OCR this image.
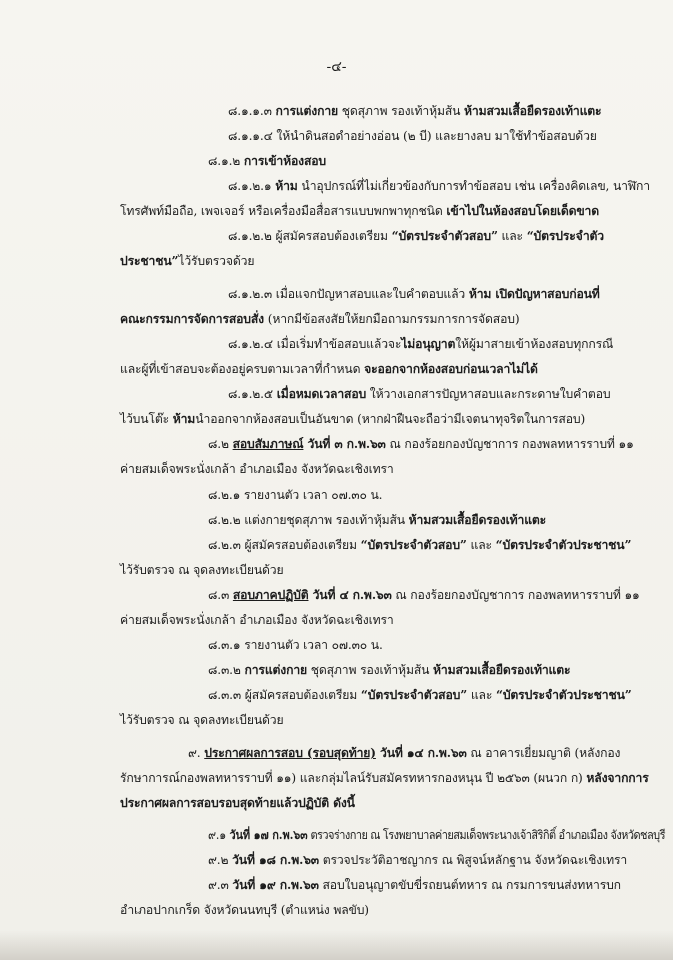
-๔-
๘.๑.๑.๓ การแต่งกาย ชุดสุภาพ รองเท้าหุ้มส้น ห้ามสวมเสื้อยืดรองเท้าแตะ
๘.๑.๑.๔ ให้นำดินสอดำอย่างอ่อน (๒ บี) และยางลบ มาใช้ทำข้อสอบด้วย
๘.๑.๒ การเข้าห้องสอบ
๘.๑.๒.๑ ห้าม นำอุปกรณ์ที่ไม่เกี่ยวข้องกับการทำข้อสอบ เช่น เครื่องคิดเลข, นาฬิกา
โทรศัพท์มือถือ, เพจเจอร์ หรือเครื่องมือสื่อสารแบบพกพาทุกชนิด เข้าไปในห้องสอบโดยเด็ดขาด
๘.๑.๒.๒ ผู้สมัครสอบต้องเตรียม “บัตรประจำตัวสอบ” และ “บัตรประจำตัว
ประชาชน”ไว้รับตรวจด้วย
๘.๑.๒.๓ เมื่อแจกปัญหาสอบและใบคำตอบแล้ว ห้าม เปิดปัญหาสอบก่อนที่
คณะกรรมการจัดการสอบสั่ง (หากมีข้อสงสัยให้ยกมือถามกรรมการการจัดสอบ)
๘.๑.๒.๔ เมื่อเริ่มทำข้อสอบแล้วจะไม่อนุญาตให้ผู้มาสายเข้าห้องสอบทุกกรณี
และผู้ที่เข้าสอบจะต้องอยู่ครบตามเวลาที่กำหนด จะออกจากห้องสอบก่อนเวลาไม่ได้
๘.๑.๒.๕ เมื่อหมดเวลาสอบ ให้วางเอกสารปัญหาสอบและกระดาษใบคำตอบ
ไว้บนโต๊ะ ห้ามนำออกจากห้องสอบเป็นอันขาด (หากฝ่าฝืนจะถือว่ามีเจตนาทุจริตในการสอบ)
๘.๒ สอบสัมภาษณ์ วันที่ ๓ ก.พ.๖๓ ณ กองร้อยกองบัญชาการ กองพลทหารราบที่ ๑๑
ค่ายสมเด็จพระนั่งเกล้า อำเภอเมือง จังหวัดฉะเชิงเทรา
๘.๒.๑ รายงานตัว เวลา ๐๗.๓๐ น.
๘.๒.๒ แต่งกายชุดสุภาพ รองเท้าหุ้มส้น ห้ามสวมเสื้อยืดรองเท้าแตะ
๘.๒.๓ ผู้สมัครสอบต้องเตรียม “บัตรประจำตัวสอบ” และ “บัตรประจำตัวประชาชน”
ไว้รับตรวจ ณ จุดลงทะเบียนด้วย
๘.๓ สอบภาคปฏิบัติ วันที่ ๔ ก.พ.๖๓ ณ กองร้อยกองบัญชาการ กองพลทหารราบที่ ๑๑
ค่ายสมเด็จพระนั่งเกล้า อำเภอเมือง จังหวัดฉะเชิงเทรา
๘.๓.๑ รายงานตัว เวลา ๐๗.๓๐ น.
๘.๓.๒ การแต่งกาย ชุดสุภาพ รองเท้าหุ้มส้น ห้ามสวมเสื้อยืดรองเท้าแตะ
๘.๓.๓ ผู้สมัครสอบต้องเตรียม “บัตรประจำตัวสอบ” และ “บัตรประจำตัวประชาชน”
ไว้รับตรวจ ณ จุดลงทะเบียนด้วย
๙. ประกาศผลการสอบ (รอบสุดท้าย) วันที่ ๑๔ ก.พ.๖๓ ณ อาคารเยี่ยมญาติ (หลังกอง
รักษาการณ์กองพลทหารราบที่ ๑๑) และกลุ่มไลน์รับสมัครทหารกองหนุน ปี ๒๕๖๓ (ผนวก ก) หลังจากการ
ประกาศผลการสอบรอบสุดท้ายแล้วปฏิบัติ ดังนี้
๙.๑ วันที่ ๑๗ ก.พ.๖๓ ตรวจร่างกาย ณ โรงพยาบาลค่ายสมเด็จพระนางเจ้าสิริกิติ์ อำเภอเมือง จังหวัดชลบุรี
๙.๒ วันที่ ๑๘ ก.พ.๖๓ ตรวจประวัติอาชญากร ณ พิสูจน์หลักฐาน จังหวัดฉะเชิงเทรา
๙.๓ วันที่ ๑๙ ก.พ.๖๓ สอบใบอนุญาตขับขี่รถยนต์ทหาร ณ กรมการขนส่งทหารบก
อำเภอปากเกร็ด จังหวัดนนทบุรี (ตำแหน่ง พลขับ)
